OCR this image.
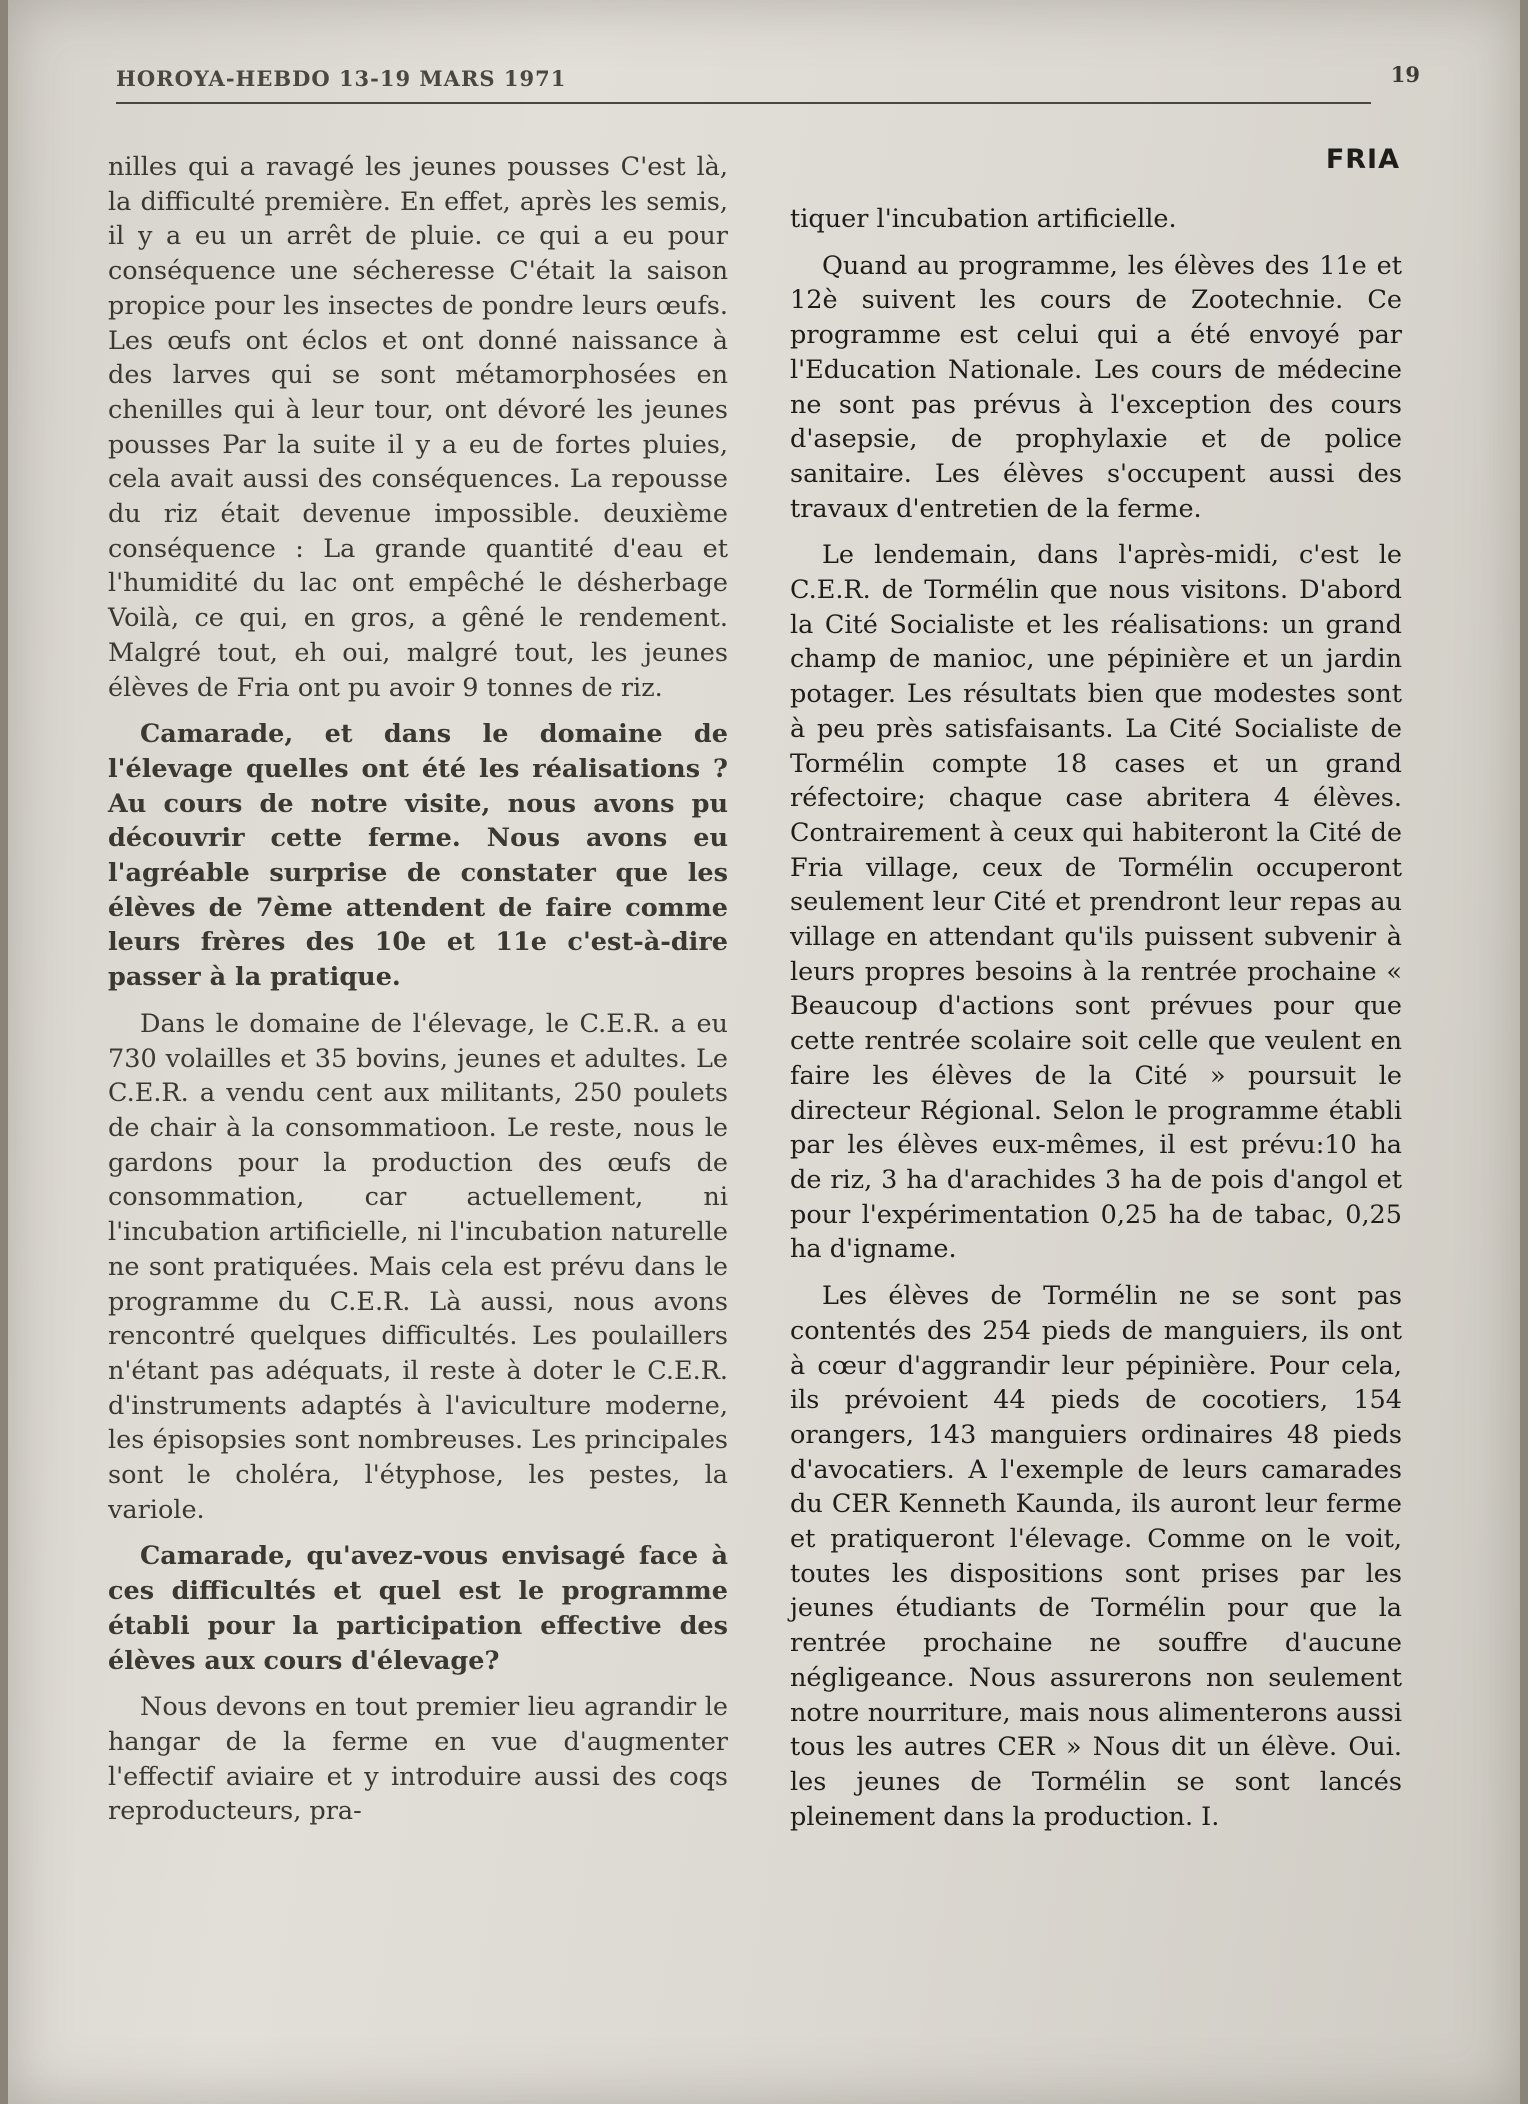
HOROYA-HEBDO 13-19 MARS 1971	19
FRIA

nilles qui a ravagé les jeunes pousses C'est là, la difficulté première. En effet, après les semis, il y a eu un arrêt de pluie. ce qui a eu pour conséquence une sécheresse C'était la saison propice pour les insectes de pondre leurs œufs. Les œufs ont éclos et ont donné naissance à des larves qui se sont métamorphosées en chenilles qui à leur tour, ont dévoré les jeunes pousses Par la suite il y a eu de fortes pluies, cela avait aussi des conséquences. La repousse du riz était devenue impossible. deuxième conséquence : La grande quantité d'eau et l'humidité du lac ont empêché le désherbage Voilà, ce qui, en gros, a gêné le rendement. Malgré tout, eh oui, malgré tout, les jeunes élèves de Fria ont pu avoir 9 tonnes de riz.

Camarade, et dans le domaine de l'élevage quelles ont été les réalisations ? Au cours de notre visite, nous avons pu découvrir cette ferme. Nous avons eu l'agréable surprise de constater que les élèves de 7ème attendent de faire comme leurs frères des 10e et 11e c'est-à-dire passer à la pratique.

Dans le domaine de l'élevage, le C.E.R. a eu 730 volailles et 35 bovins, jeunes et adultes. Le C.E.R. a vendu cent aux militants, 250 poulets de chair à la consommatioon. Le reste, nous le gardons pour la production des œufs de consommation, car actuellement, ni l'incubation artificielle, ni l'incubation naturelle ne sont pratiquées. Mais cela est prévu dans le programme du C.E.R. Là aussi, nous avons rencontré quelques difficultés. Les poulaillers n'étant pas adéquats, il reste à doter le C.E.R. d'instruments adaptés à l'aviculture moderne, les épisopsies sont nombreuses. Les principales sont le choléra, l'étyphose, les pestes, la variole.

Camarade, qu'avez-vous envisagé face à ces difficultés et quel est le programme établi pour la participation effective des élèves aux cours d'élevage?

Nous devons en tout premier lieu agrandir le hangar de la ferme en vue d'augmenter l'effectif aviaire et y introduire aussi des coqs reproducteurs, pra-

tiquer l'incubation artificielle.

Quand au programme, les élèves des 11e et 12è suivent les cours de Zootechnie. Ce programme est celui qui a été envoyé par l'Education Nationale. Les cours de médecine ne sont pas prévus à l'exception des cours d'asepsie, de prophylaxie et de police sanitaire. Les élèves s'occupent aussi des travaux d'entretien de la ferme.

Le lendemain, dans l'après-midi, c'est le C.E.R. de Tormélin que nous visitons. D'abord la Cité Socialiste et les réalisations: un grand champ de manioc, une pépinière et un jardin potager. Les résultats bien que modestes sont à peu près satisfaisants. La Cité Socialiste de Tormélin compte 18 cases et un grand réfectoire; chaque case abritera 4 élèves. Contrairement à ceux qui habiteront la Cité de Fria village, ceux de Tormélin occuperont seulement leur Cité et prendront leur repas au village en attendant qu'ils puissent subvenir à leurs propres besoins à la rentrée prochaine « Beaucoup d'actions sont prévues pour que cette rentrée scolaire soit celle que veulent en faire les élèves de la Cité » poursuit le directeur Régional. Selon le programme établi par les élèves eux-mêmes, il est prévu:10 ha de riz, 3 ha d'arachides 3 ha de pois d'angol et pour l'expérimentation 0,25 ha de tabac, 0,25 ha d'igname.

Les élèves de Tormélin ne se sont pas contentés des 254 pieds de manguiers, ils ont à cœur d'aggrandir leur pépinière. Pour cela, ils prévoient 44 pieds de cocotiers, 154 orangers, 143 manguiers ordinaires 48 pieds d'avocatiers. A l'exemple de leurs camarades du CER Kenneth Kaunda, ils auront leur ferme et pratiqueront l'élevage. Comme on le voit, toutes les dispositions sont prises par les jeunes étudiants de Tormélin pour que la rentrée prochaine ne souffre d'aucune négligeance. Nous assurerons non seulement notre nourriture, mais nous alimenterons aussi tous les autres CER » Nous dit un élève. Oui. les jeunes de Tormélin se sont lancés pleinement dans la production. I.
